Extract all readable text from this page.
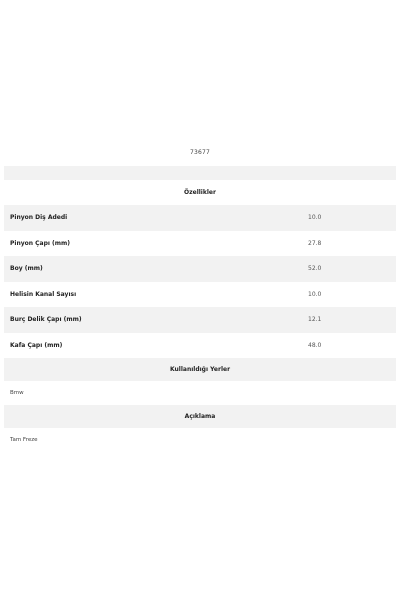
73677
Özellikler
Pinyon Diş Adedi	10.0
Pinyon Çapı (mm)	27.8
Boy (mm)	52.0
Helisin Kanal Sayısı	10.0
Burç Delik Çapı (mm)	12.1
Kafa Çapı (mm)	48.0
Kullanıldığı Yerler
Bmw
Açıklama
Tam Freze
